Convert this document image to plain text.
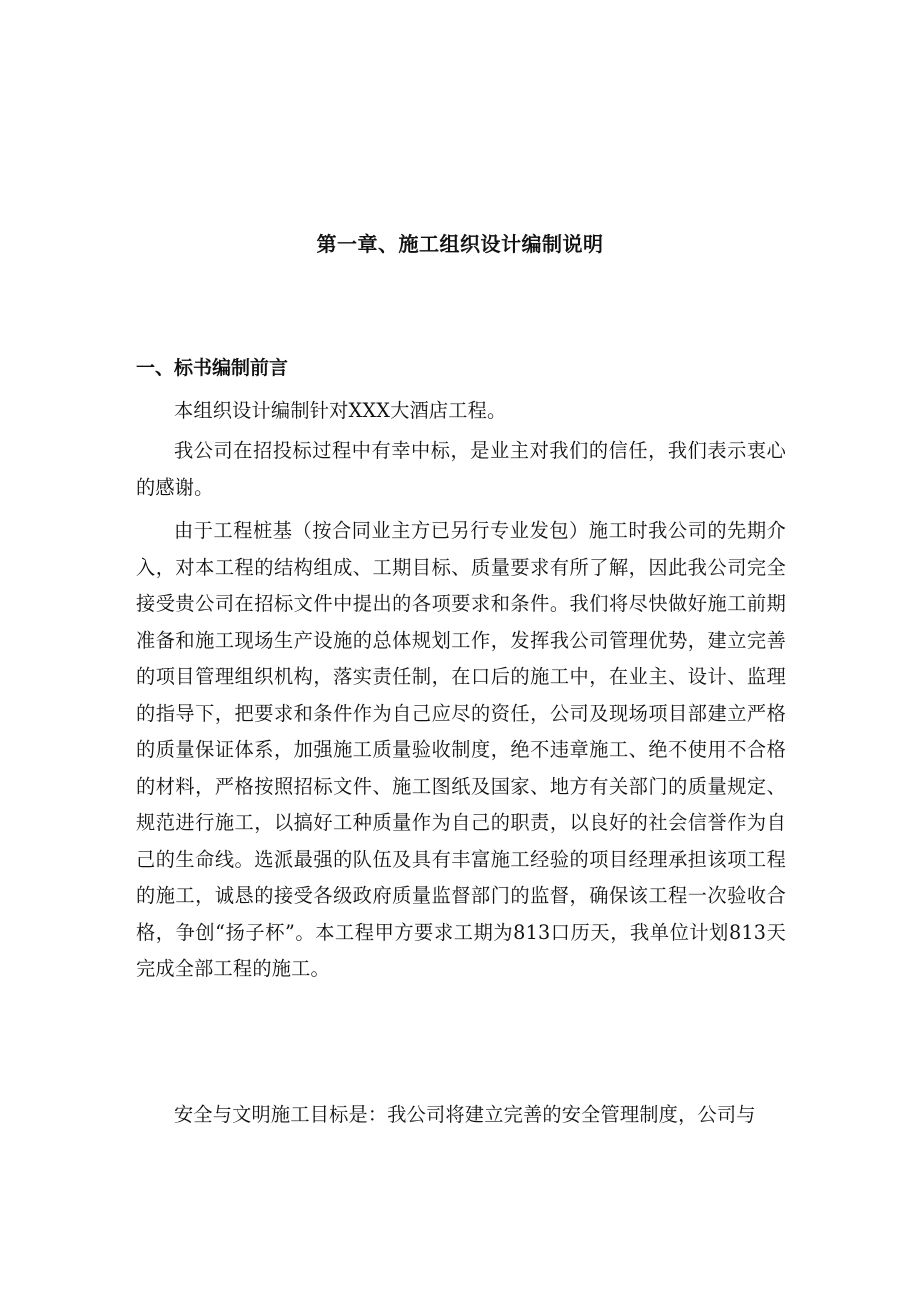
第一章、施工组织设计编制说明
一、标书编制前言

本组织设计编制针对XXX大酒店工程。

我公司在招投标过程中有幸中标，是业主对我们的信任，我们表示衷心的感谢。

由于工程桩基（按合同业主方已另行专业发包）施工时我公司的先期介入，对本工程的结构组成、工期目标、质量要求有所了解，因此我公司完全接受贵公司在招标文件中提出的各项要求和条件。我们将尽快做好施工前期准备和施工现场生产设施的总体规划工作，发挥我公司管理优势，建立完善的项目管理组织机构，落实责任制，在口后的施工中，在业主、设计、监理的指导下，把要求和条件作为自己应尽的资任，公司及现场项目部建立严格的质量保证体系，加强施工质量验收制度，绝不违章施工、绝不使用不合格的材料，严格按照招标文件、施工图纸及国家、地方有关部门的质量规定、规范进行施工，以搞好工种质量作为自己的职责，以良好的社会信誉作为自己的生命线。选派最强的队伍及具有丰富施工经验的项目经理承担该项工程的施工，诚恳的接受各级政府质量监督部门的监督，确保该工程一次验收合格，争创“扬子杯”。本工程甲方要求工期为813口历天，我单位计划813天完成全部工程的施工。

安全与文明施工目标是：我公司将建立完善的安全管理制度，公司与
